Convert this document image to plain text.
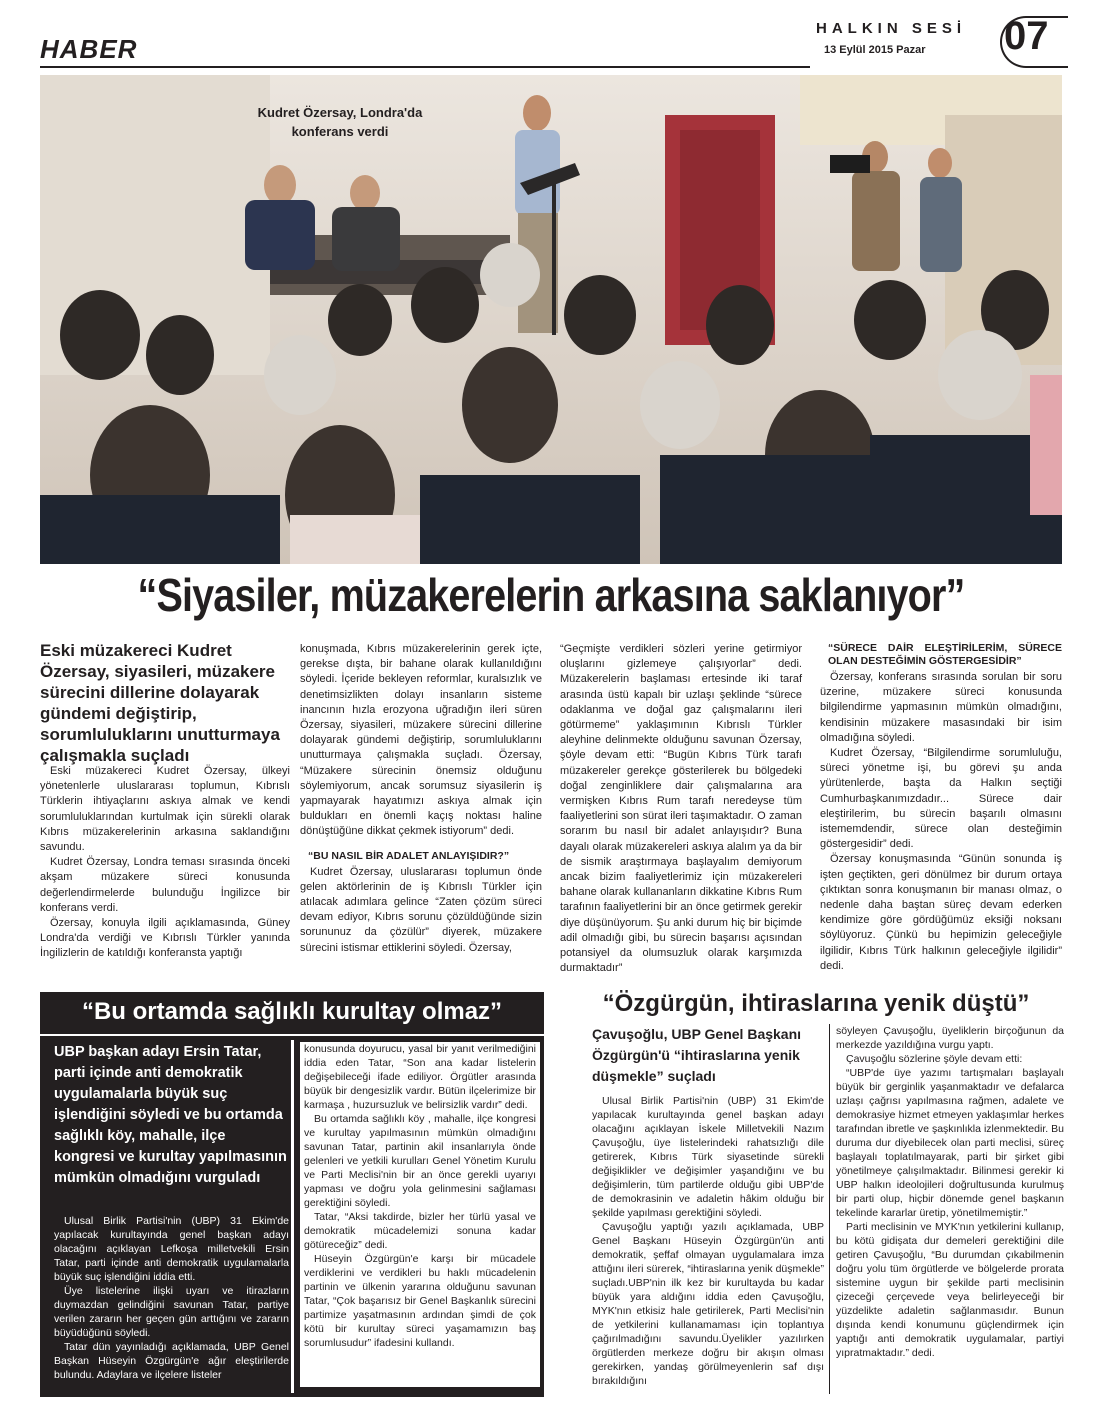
HABER
HALKIN SESİ
13 Eylül 2015 Pazar 07
Kudret Özersay, Londra'da konferans verdi
“Siyasiler, müzakerelerin arkasına saklanıyor”
Eski müzakereci Kudret Özersay, siyasileri, müzakere sürecini dillerine dolayarak gündemi değiştirip, sorumluluklarını unutturmaya çalışmakla suçladı

Eski müzakereci Kudret Özersay, ülkeyi yönetenlerle uluslararası toplumun, Kıbrıslı Türklerin ihtiyaçlarını askıya almak ve kendi sorumluluklarından kurtulmak için sürekli olarak Kıbrıs müzakerelerinin arkasına saklandığını savundu.

Kudret Özersay, Londra teması sırasında önceki akşam müzakere süreci konusunda değerlendirmelerde bulunduğu İngilizce bir konferans verdi.

Özersay, konuyla ilgili açıklamasında, Güney Londra'da verdiği ve Kıbrıslı Türkler yanında İngilizlerin de katıldığı konferansta yaptığı

konuşmada, Kıbrıs müzakerelerinin gerek içte, gerekse dışta, bir bahane olarak kullanıldığını söyledi. İçeride bekleyen reformlar, kuralsızlık ve denetimsizlikten dolayı insanların sisteme inancının hızla erozyona uğradığın ileri süren Özersay, siyasileri, müzakere sürecini dillerine dolayarak gündemi değiştirip, sorumluluklarını unutturmaya çalışmakla suçladı. Özersay, “Müzakere sürecinin önemsiz olduğunu söylemiyorum, ancak sorumsuz siyasilerin iş yapmayarak hayatımızı askıya almak için buldukları en önemli kaçış noktası haline dönüştüğüne dikkat çekmek istiyorum” dedi.

“BU NASIL BİR ADALET ANLAYIŞIDIR?”

Kudret Özersay, uluslararası toplumun önde gelen aktörlerinin de iş Kıbrıslı Türkler için atılacak adımlara gelince “Zaten çözüm süreci devam ediyor, Kıbrıs sorunu çözüldüğünde sizin sorununuz da çözülür” diyerek, müzakere sürecini istismar ettiklerini söyledi. Özersay,

“Geçmişte verdikleri sözleri yerine getirmiyor oluşlarını gizlemeye çalışıyorlar” dedi. Müzakerelerin başlaması ertesinde iki taraf arasında üstü kapalı bir uzlaşı şeklinde “sürece odaklanma ve doğal gaz çalışmalarını ileri götürmeme” yaklaşımının Kıbrıslı Türkler aleyhine delinmekte olduğunu savunan Özersay, şöyle devam etti: “Bugün Kıbrıs Türk tarafı müzakereler gerekçe gösterilerek bu bölgedeki doğal zenginliklere dair çalışmalarına ara vermişken Kıbrıs Rum tarafı neredeyse tüm faaliyetlerini son sürat ileri taşımaktadır. O zaman sorarım bu nasıl bir adalet anlayışıdır? Buna dayalı olarak müzakereleri askıya alalım ya da bir de sismik araştırmaya başlayalım demiyorum ancak bizim faaliyetlerimiz için müzakereleri bahane olarak kullananların dikkatine Kıbrıs Rum tarafının faaliyetlerini bir an önce getirmek gerekir diye düşünüyorum. Şu anki durum hiç bir biçimde adil olmadığı gibi, bu sürecin başarısı açısından potansiyel da olumsuzluk olarak karşımızda durmaktadır”

“SÜRECE DAİR ELEŞTİRİLERİM, SÜRECE OLAN DESTEĞİMİN GÖSTERGESİDİR”

Özersay, konferans sırasında sorulan bir soru üzerine, müzakere süreci konusunda bilgilendirme yapmasının mümkün olmadığını, kendisinin müzakere masasındaki bir isim olmadığına söyledi.

Kudret Özersay, “Bilgilendirme sorumluluğu, süreci yönetme işi, bu görevi şu anda yürütenlerde, başta da Halkın seçtiği Cumhurbaşkanımızdadır... Sürece dair eleştirilerim, bu sürecin başarılı olmasını istememdendir, sürece olan desteğimin göstergesidir” dedi.

Özersay konuşmasında “Günün sonunda iş işten geçtikten, geri dönülmez bir durum ortaya çıktıktan sonra konuşmanın bir manası olmaz, o nedenle daha baştan süreç devam ederken kendimize göre gördüğümüz eksiği noksanı söylüyoruz. Çünkü bu hepimizin geleceğiyle ilgilidir, Kıbrıs Türk halkının geleceğiyle ilgilidir” dedi.

“Bu ortamda sağlıklı kurultay olmaz”
UBP başkan adayı Ersin Tatar, parti içinde anti demokratik uygulamalarla büyük suç işlendiğini söyledi ve bu ortamda sağlıklı köy, mahalle, ilçe kongresi ve kurultay yapılmasının mümkün olmadığını vurguladı

Ulusal Birlik Partisi'nin (UBP) 31 Ekim'de yapılacak kurultayında genel başkan adayı olacağını açıklayan Lefkoşa milletvekili Ersin Tatar, parti içinde anti demokratik uygulamalarla büyük suç işlendiğini iddia etti.

Üye listelerine ilişki uyarı ve itirazların duymazdan gelindiğini savunan Tatar, partiye verilen zararın her geçen gün arttığını ve zararın büyüdüğünü söyledi.

Tatar dün yayınladığı açıklamada, UBP Genel Başkan Hüseyin Özgürgün'e ağır eleştirilerde bulundu. Adaylara ve ilçelere listeler

konusunda doyurucu, yasal bir yanıt verilmediğini iddia eden Tatar, “Son ana kadar listelerin değişebileceği ifade ediliyor. Örgütler arasında büyük bir dengesizlik vardır. Bütün ilçelerimize bir karmaşa , huzursuzluk ve belirsizlik vardır” dedi.

Bu ortamda sağlıklı köy , mahalle, ilçe kongresi ve kurultay yapılmasının mümkün olmadığını savunan Tatar, partinin akil insanlarıyla önde gelenleri ve yetkili kurulları Genel Yönetim Kurulu ve Parti Meclisi'nin bir an önce gerekli uyarıyı yapması ve doğru yola gelinmesini sağlaması gerektiğini söyledi.

Tatar, “Aksi takdirde, bizler her türlü yasal ve demokratik mücadelemizi sonuna kadar götüreceğiz” dedi.

Hüseyin Özgürgün'e karşı bir mücadele verdiklerini ve verdikleri bu haklı mücadelenin partinin ve ülkenin yararına olduğunu savunan Tatar, “Çok başarısız bir Genel Başkanlık sürecini partimize yaşatmasının ardından şimdi de çok kötü bir kurultay süreci yaşamamızın baş sorumlusudur” ifadesini kullandı.

“Özgürgün, ihtiraslarına yenik düştü”
Çavuşoğlu, UBP Genel Başkanı Özgürgün'ü “ihtiraslarına yenik düşmekle” suçladı

Ulusal Birlik Partisi'nin (UBP) 31 Ekim'de yapılacak kurultayında genel başkan adayı olacağını açıklayan İskele Milletvekili Nazım Çavuşoğlu, üye listelerindeki rahatsızlığı dile getirerek, Kıbrıs Türk siyasetinde sürekli değişiklikler ve değişimler yaşandığını ve bu değişimlerin, tüm partilerde olduğu gibi UBP'de de demokrasinin ve adaletin hâkim olduğu bir şekilde yapılması gerektiğini söyledi.

Çavuşoğlu yaptığı yazılı açıklamada, UBP Genel Başkanı Hüseyin Özgürgün'ün anti demokratik, şeffaf olmayan uygulamalara imza attığını ileri sürerek, “ihtiraslarına yenik düşmekle” suçladı.UBP'nin ilk kez bir kurultayda bu kadar büyük yara aldığını iddia eden Çavuşoğlu, MYK'nın etkisiz hale getirilerek, Parti Meclisi'nin de yetkilerini kullanamaması için toplantıya çağırılmadığını savundu.Üyelikler yazılırken örgütlerden merkeze doğru bir akışın olması gerekirken, yandaş görülmeyenlerin saf dışı bırakıldığını

söyleyen Çavuşoğlu, üyeliklerin birçoğunun da merkezde yazıldığına vurgu yaptı.

Çavuşoğlu sözlerine şöyle devam etti:

“UBP'de üye yazımı tartışmaları başlayalı büyük bir gerginlik yaşanmaktadır ve defalarca uzlaşı çağrısı yapılmasına rağmen, adalete ve demokrasiye hizmet etmeyen yaklaşımlar herkes tarafından ibretle ve şaşkınlıkla izlenmektedir. Bu duruma dur diyebilecek olan parti meclisi, süreç başlayalı toplatılmayarak, parti bir şirket gibi yönetilmeye çalışılmaktadır. Bilinmesi gerekir ki UBP halkın ideolojileri doğrultusunda kurulmuş bir parti olup, hiçbir dönemde genel başkanın tekelinde kararlar üretip, yönetilmemiştir.”

Parti meclisinin ve MYK'nın yetkilerini kullanıp, bu kötü gidişata dur demeleri gerektiğini dile getiren Çavuşoğlu, “Bu durumdan çıkabilmenin doğru yolu tüm örgütlerde ve bölgelerde prorata sistemine uygun bir şekilde parti meclisinin çizeceği çerçevede veya belirleyeceği bir yüzdelikte adaletin sağlanmasıdır. Bunun dışında kendi konumunu güçlendirmek için yaptığı anti demokratik uygulamalar, partiyi yıpratmaktadır.” dedi.
